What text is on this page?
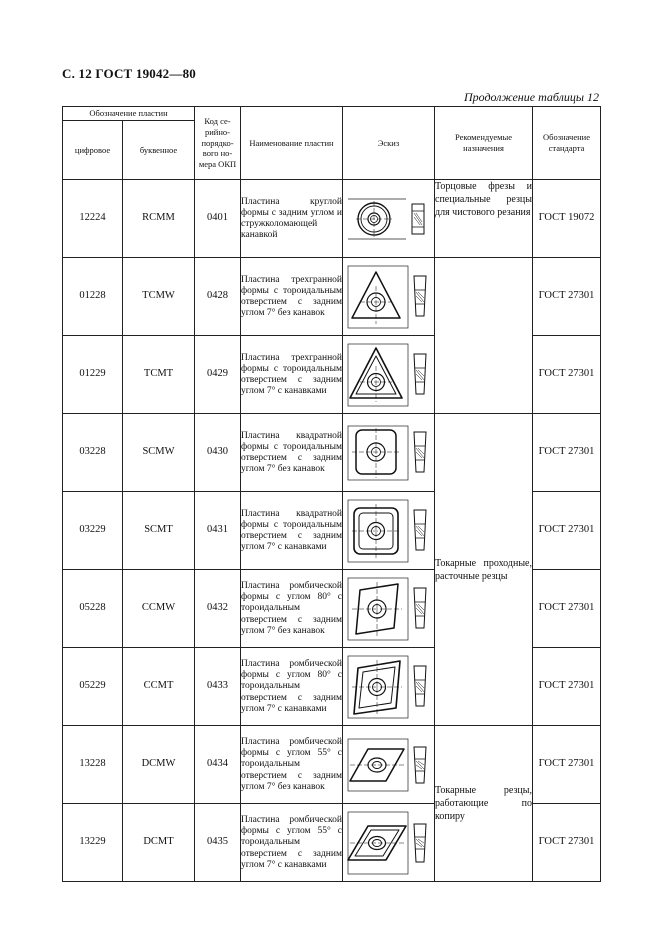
С. 12 ГОСТ 19042—80
Продолжение таблицы 12
Обозначение пластин		Код се-рийно-порядко-вого но-мера ОКП	Наименование пластин	Эскиз	Рекомендуемые назначения	Обозначение стандарта
цифровое	буквенное					
12224	RCMM	0401	Пластина круглой формы с задним углом и стружколомающей канавкой		Торцовые фрезы и специальные резцы для чистового резания	ГОСТ 19072
01228	TCMW	0428	Пластина трехгранной формы с тороидальным отверстием с задним углом 7° без канавок			ГОСТ 27301
01229	TCMT	0429	Пластина трехгранной формы с тороидальным отверстием с задним углом 7° с канавками			ГОСТ 27301
03228	SCMW	0430	Пластина квадратной формы с тороидальным отверстием с задним углом 7° без канавок		Токарные проходные, расточные резцы	ГОСТ 27301
03229	SCMT	0431	Пластина квадратной формы с тороидальным отверстием с задним углом 7° с канавками			ГОСТ 27301
05228	CCMW	0432	Пластина ромбической формы с углом 80° с тороидальным отверстием с задним углом 7° без канавок			ГОСТ 27301
05229	CCMT	0433	Пластина ромбической формы с углом 80° с тороидальным отверстием с задним углом 7° с канавками			ГОСТ 27301
13228	DCMW	0434	Пластина ромбической формы с углом 55° с тороидальным отверстием с задним углом 7° без канавок		Токарные резцы, работающие по копиру	ГОСТ 27301
13229	DCMT	0435	Пластина ромбической формы с углом 55° с тороидальным отверстием с задним углом 7° с канавками			ГОСТ 27301
